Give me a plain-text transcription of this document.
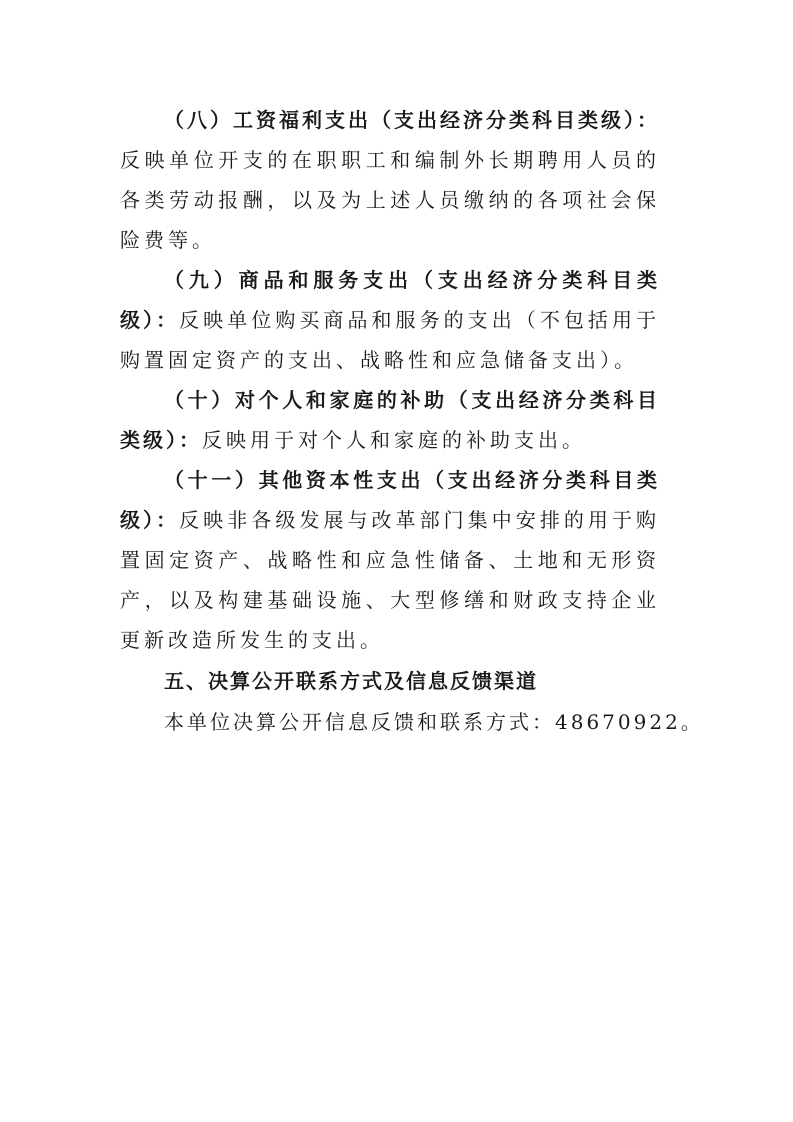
（八）工资福利支出（支出经济分类科目类级）：反映单位开支的在职职工和编制外长期聘用人员的各类劳动报酬，以及为上述人员缴纳的各项社会保险费等。

（九）商品和服务支出（支出经济分类科目类级）：反映单位购买商品和服务的支出（不包括用于购置固定资产的支出、战略性和应急储备支出）。

（十）对个人和家庭的补助（支出经济分类科目类级）：反映用于对个人和家庭的补助支出。

（十一）其他资本性支出（支出经济分类科目类级）：反映非各级发展与改革部门集中安排的用于购置固定资产、战略性和应急性储备、土地和无形资产，以及构建基础设施、大型修缮和财政支持企业更新改造所发生的支出。

五、决算公开联系方式及信息反馈渠道

本单位决算公开信息反馈和联系方式：48670922。
